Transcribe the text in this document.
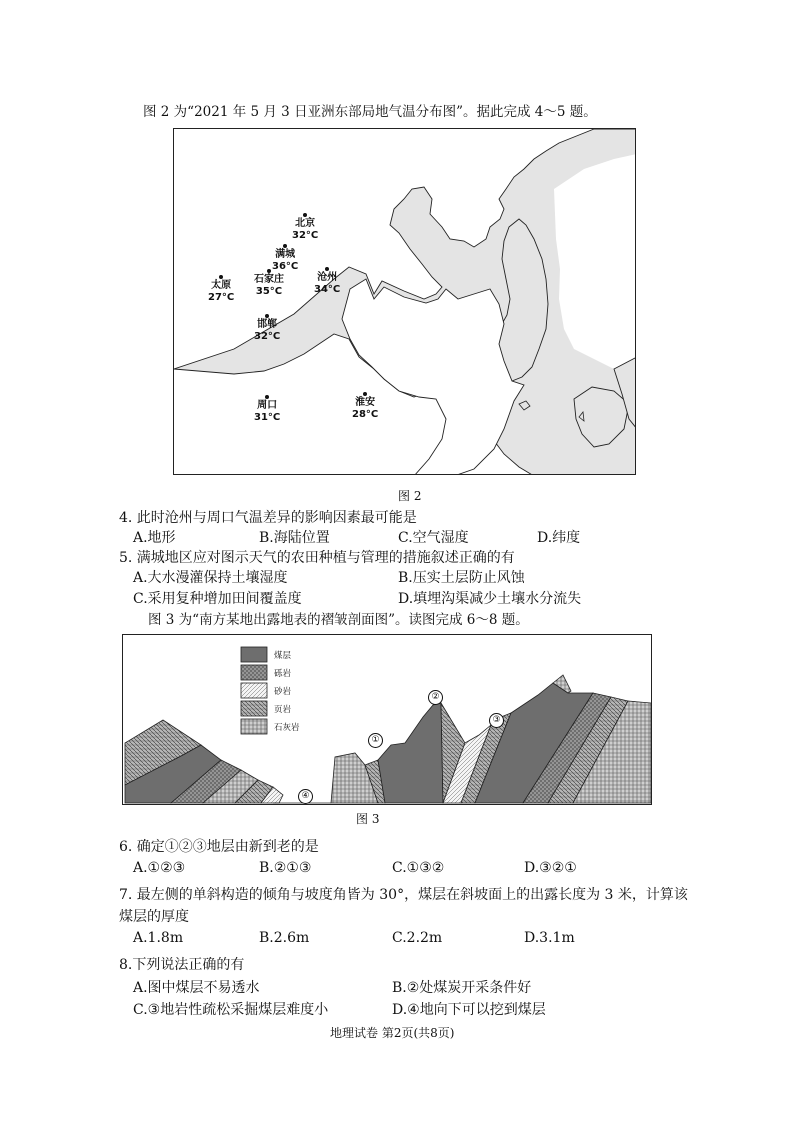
图 2 为“2021 年 5 月 3 日亚洲东部局地气温分布图”。据此完成 4～5 题。
北京
32°C
满城
36°C
石家庄
35°C
沧州
34°C
太原
27°C
邯郸
32°C
周口
31°C
淮安
28°C
图 2
4. 此时沧州与周口气温差异的影响因素最可能是
A.地形	B.海陆位置	C.空气湿度	D.纬度
5. 满城地区应对图示天气的农田种植与管理的措施叙述正确的有
A.大水漫灌保持土壤湿度	B.压实土层防止风蚀
C.采用复种增加田间覆盖度	D.填埋沟渠减少土壤水分流失
图 3 为“南方某地出露地表的褶皱剖面图”。读图完成 6～8 题。
煤层
砾岩
砂岩
页岩
石灰岩
①
②
③
④
图 3
6. 确定①②③地层由新到老的是
A.①②③	B.②①③	C.①③②	D.③②①
7. 最左侧的单斜构造的倾角与坡度角皆为 30°，煤层在斜坡面上的出露长度为 3 米，计算该
煤层的厚度
A.1.8m	B.2.6m	C.2.2m	D.3.1m
8.下列说法正确的有
A.图中煤层不易透水	B.②处煤炭开采条件好
C.③地岩性疏松采掘煤层难度小	D.④地向下可以挖到煤层
地理试卷 第2页(共8页)
